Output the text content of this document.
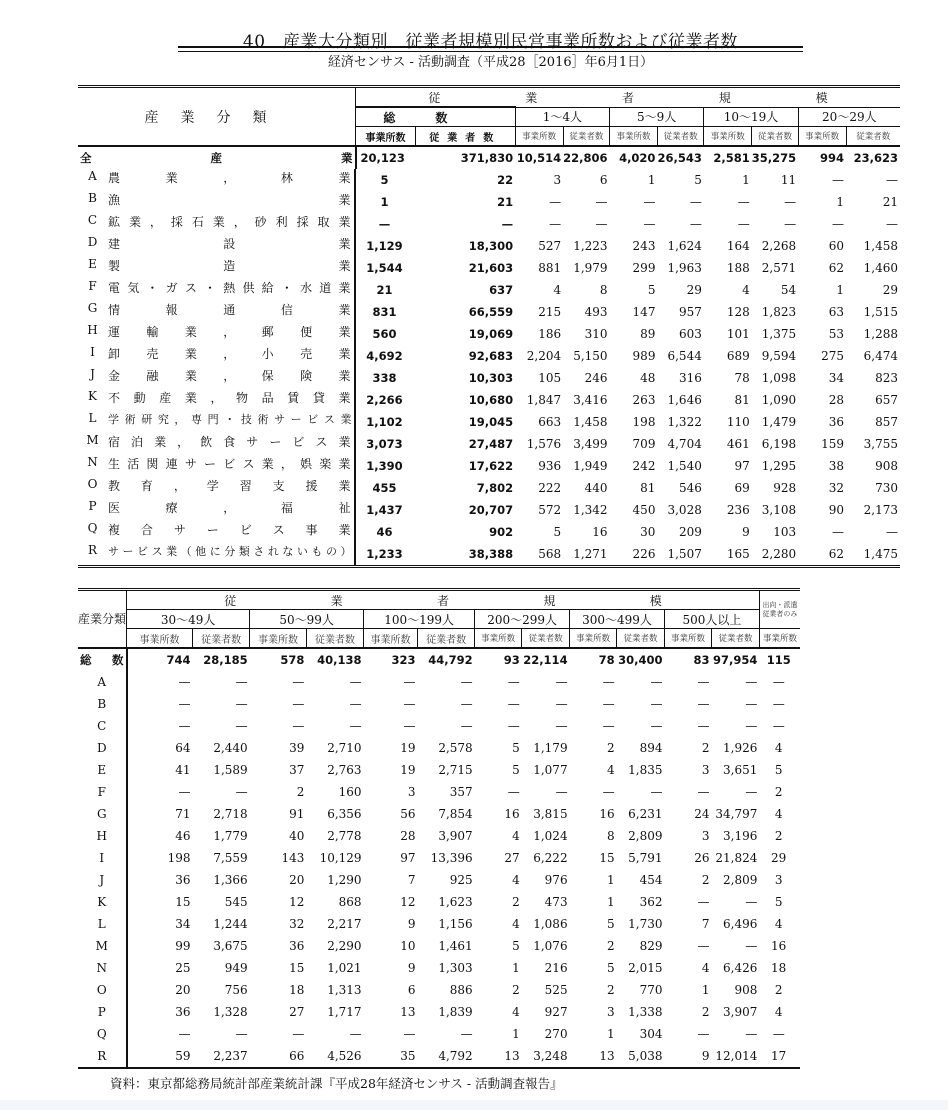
40　産業大分類別　従業者規模別民営事業所数および従業者数
経済センサス - 活動調査（平成28［2016］年6月1日）
産業分類	従 業 者 規 模									

	総数		1〜4人		5〜9人		10〜19人		20〜29人	
	事業所数	従業者数	事業所数	従業者数	事業所数	従業者数	事業所数	従業者数	事業所数	従業者数
全産業	20,123	371,830	10,514	22,806	4,020	26,543	2,581	35,275	994	23,623

A 農業，林業	5	22	3	6	1	5	1	11	—	—

B 漁業	1	21	—	—	—	—	—	—	1	21

C 鉱業，採石業，砂利採取業 —	—	—	—	—	—	—	—	—	—

D 建設業 1,129	18,300	527	1,223	243	1,624	164	2,268	60	1,458

E 製造業 1,544	21,603	881	1,979	299	1,963	188	2,571	62	1,460

F 電気・ガス・熱供給・水道業 21	637	4	8	5	29	4	54	1	29

G 情報通信業 831	66,559	215	493	147	957	128	1,823	63	1,515

H 運輸業，郵便業 560	19,069	186	310	89	603	101	1,375	53	1,288

I	卸売業，小売業 4,692	92,683	2,204	5,150	989	6,544	689	9,594	275	6,474

J	金融業，保険業 338	10,303	105	246	48	316	78	1,098	34	823

K 不動産業，物品賃貸業 2,266	10,680	1,847	3,416	263	1,646	81	1,090	28	657

L 学術研究，専門・技術サービス業 1,102	19,045	663	1,458	198	1,322	110	1,479	36	857

M 宿泊業，飲食サービス業 3,073	27,487	1,576	3,499	709	4,704	461	6,198	159	3,755

N 生活関連サービス業，娯楽業 1,390	17,622	936	1,949	242	1,540	97	1,295	38	908

O 教育，学習支援業 455	7,802	222	440	81	546	69	928	32	730

P 医療，福祉 1,437	20,707	572	1,342	450	3,028	236	3,108	90	2,173

Q 複合サービス事業 46	902	5	16	30	209	9	103	—	—

R サービス業（他に分類されないもの） 1,233	38,388	568	1,271	226	1,507	165	2,280	62	1,475
産業分類	従 業 者 規 模												出向・派遣従業者のみ
	30〜49人		50〜99人		100〜199人		200〜299人		300〜499人		500人以上		
	事業所数	従業者数	事業所数	従業者数	事業所数	従業者数	事業所数	従業者数	事業所数	従業者数	事業所数	従業者数	事業所数
総数	744	28,185	578	40,138	323	44,792	93	22,114	78	30,400	83	97,954	115
A	—	—	—	—	—	—	—	—	—	—	—	—	—
B	—	—	—	—	—	—	—	—	—	—	—	—	—
C	—	—	—	—	—	—	—	—	—	—	—	—	—
D	64	2,440	39	2,710	19	2,578	5	1,179	2	894	2	1,926	4
E	41	1,589	37	2,763	19	2,715	5	1,077	4	1,835	3	3,651	5
F	—	—	2	160	3	357	—	—	—	—	—	—	2
G	71	2,718	91	6,356	56	7,854	16	3,815	16	6,231	24	34,797	4
H	46	1,779	40	2,778	28	3,907	4	1,024	8	2,809	3	3,196	2
I	198	7,559	143	10,129	97	13,396	27	6,222	15	5,791	26	21,824	29
J	36	1,366	20	1,290	7	925	4	976	1	454	2	2,809	3
K	15	545	12	868	12	1,623	2	473	1	362	—	—	5
L	34	1,244	32	2,217	9	1,156	4	1,086	5	1,730	7	6,496	4
M	99	3,675	36	2,290	10	1,461	5	1,076	2	829	—	—	16
N	25	949	15	1,021	9	1,303	1	216	5	2,015	4	6,426	18
O	20	756	18	1,313	6	886	2	525	2	770	1	908	2
P	36	1,328	27	1,717	13	1,839	4	927	3	1,338	2	3,907	4
Q	—	—	—	—	—	—	1	270	1	304	—	—	—
R	59	2,237	66	4,526	35	4,792	13	3,248	13	5,038	9	12,014	17
資料：東京都総務局統計部産業統計課『平成28年経済センサス - 活動調査報告』
